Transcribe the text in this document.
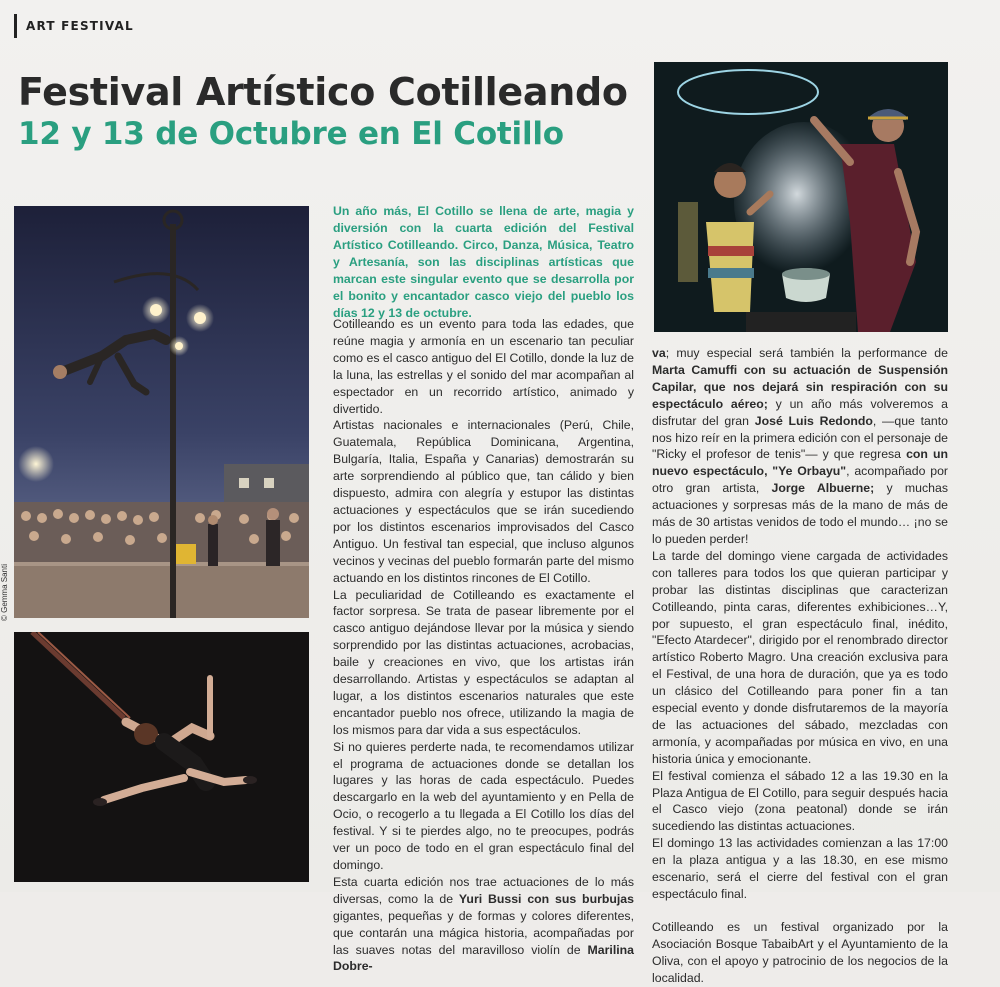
ART FESTIVAL
Festival Artístico Cotilleando
12 y 13 de Octubre en El Cotillo
© Gemma Santi
Un año más, El Cotillo se llena de arte, magia y diversión con la cuarta edición del Festival Artístico Cotilleando. Circo, Danza, Música, Teatro y Artesanía, son las disciplinas artísticas que marcan este singular evento que se desarrolla por el bonito y encantador casco viejo del pueblo los días 12 y 13 de octubre.

Cotilleando es un evento para toda las edades, que reúne magia y armonía en un escenario tan peculiar como es el casco antiguo del El Cotillo, donde la luz de la luna, las estrellas y el sonido del mar acompañan al espectador en un recorrido artístico, animado y divertido.

Artistas nacionales e internacionales (Perú, Chile, Guatemala, República Dominicana, Argentina, Bulgaría, Italia, España y Canarias) demostrarán su arte sorprendiendo al público que, tan cálido y bien dispuesto, admira con alegría y estupor las distintas actuaciones y espectáculos que se irán sucediendo por los distintos escenarios improvisados del Casco Antiguo. Un festival tan especial, que incluso algunos vecinos y vecinas del pueblo formarán parte del mismo actuando en los distintos rincones de El Cotillo.

La peculiaridad de Cotilleando es exactamente el factor sorpresa. Se trata de pasear libremente por el casco antiguo dejándose llevar por la música y siendo sorprendido por las distintas actuaciones, acrobacias, baile y creaciones en vivo, que los artistas irán desarrollando. Artistas y espectáculos se adaptan al lugar, a los distintos escenarios naturales que este encantador pueblo nos ofrece, utilizando la magia de los mismos para dar vida a sus espectáculos.

Si no quieres perderte nada, te recomendamos utilizar el programa de actuaciones donde se detallan los lugares y las horas de cada espectáculo. Puedes descargarlo en la web del ayuntamiento y en Pella de Ocio, o recogerlo a tu llegada a El Cotillo los días del festival. Y si te pierdes algo, no te preocupes, podrás ver un poco de todo en el gran espectáculo final del domingo.

Esta cuarta edición nos trae actuaciones de lo más diversas, como la de Yuri Bussi con sus burbujas gigantes, pequeñas y de formas y colores diferentes, que contarán una mágica historia, acompañadas por las suaves notas del maravilloso violín de Marilina Dobre-

va; muy especial será también la performance de Marta Camuffi con su actuación de Suspensión Capilar, que nos dejará sin respiración con su espectáculo aéreo; y un año más volveremos a disfrutar del gran José Luis Redondo, —que tanto nos hizo reír en la primera edición con el personaje de "Ricky el profesor de tenis"— y que regresa con un nuevo espectáculo, "Ye Orbayu", acompañado por otro gran artista, Jorge Albuerne; y muchas actuaciones y sorpresas más de la mano de más de más de 30 artistas venidos de todo el mundo… ¡no se lo pueden perder!

La tarde del domingo viene cargada de actividades con talleres para todos los que quieran participar y probar las distintas disciplinas que caracterizan Cotilleando, pinta caras, diferentes exhibiciones…Y, por supuesto, el gran espectáculo final, inédito, "Efecto Atardecer", dirigido por el renombrado director artístico Roberto Magro. Una creación exclusiva para el Festival, de una hora de duración, que ya es todo un clásico del Cotilleando para poner fin a tan especial evento y donde disfrutaremos de la mayoría de las actuaciones del sábado, mezcladas con armonía, y acompañadas por música en vivo, en una historia única y emocionante.

El festival comienza el sábado 12 a las 19.30 en la Plaza Antigua de El Cotillo, para seguir después hacia el Casco viejo (zona peatonal) donde se irán sucediendo las distintas actuaciones.

El domingo 13 las actividades comienzan a las 17:00 en la plaza antigua y a las 18.30, en ese mismo escenario, será el cierre del festival con el gran espectáculo final.

Cotilleando es un festival organizado por la Asociación Bosque TabaibArt y el Ayuntamiento de la Oliva, con el apoyo y patrocinio de los negocios de la localidad.
